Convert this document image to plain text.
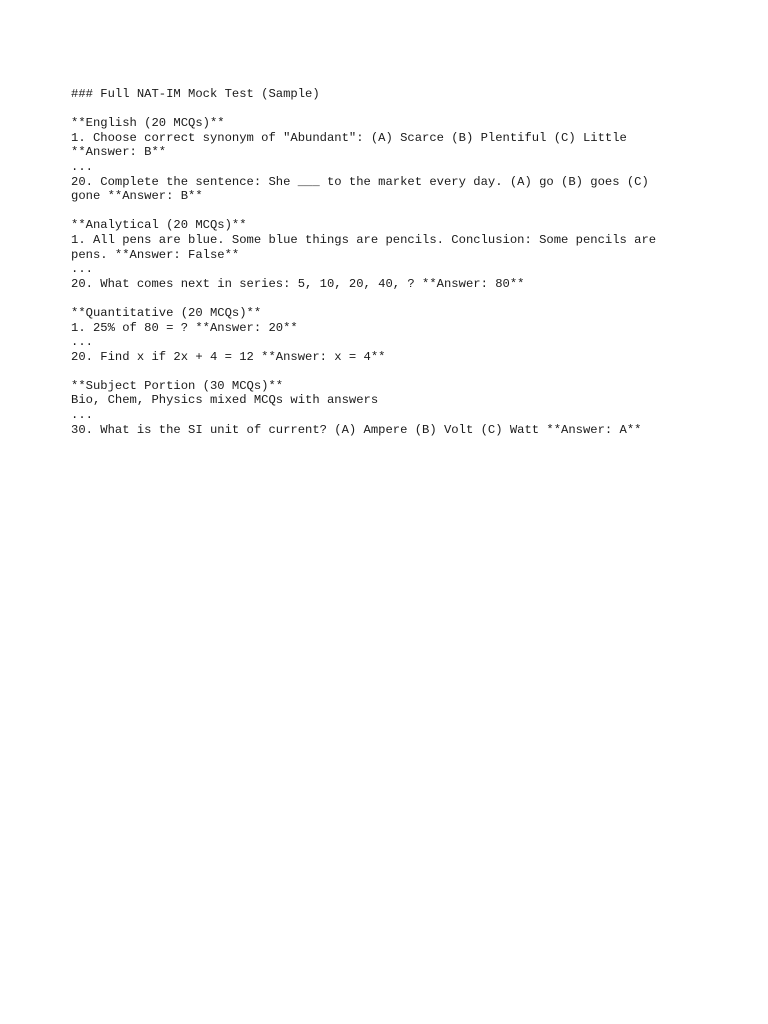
### Full NAT-IM Mock Test (Sample)
**English (20 MCQs)**
1. Choose correct synonym of "Abundant": (A) Scarce (B) Plentiful (C) Little
**Answer: B**
...
20. Complete the sentence: She ___ to the market every day. (A) go (B) goes (C)
gone **Answer: B**
**Analytical (20 MCQs)**
1. All pens are blue. Some blue things are pencils. Conclusion: Some pencils are
pens. **Answer: False**
...
20. What comes next in series: 5, 10, 20, 40, ? **Answer: 80**
**Quantitative (20 MCQs)**
1. 25% of 80 = ? **Answer: 20**
...
20. Find x if 2x + 4 = 12 **Answer: x = 4**
**Subject Portion (30 MCQs)**
Bio, Chem, Physics mixed MCQs with answers
...
30. What is the SI unit of current? (A) Ampere (B) Volt (C) Watt **Answer: A**
